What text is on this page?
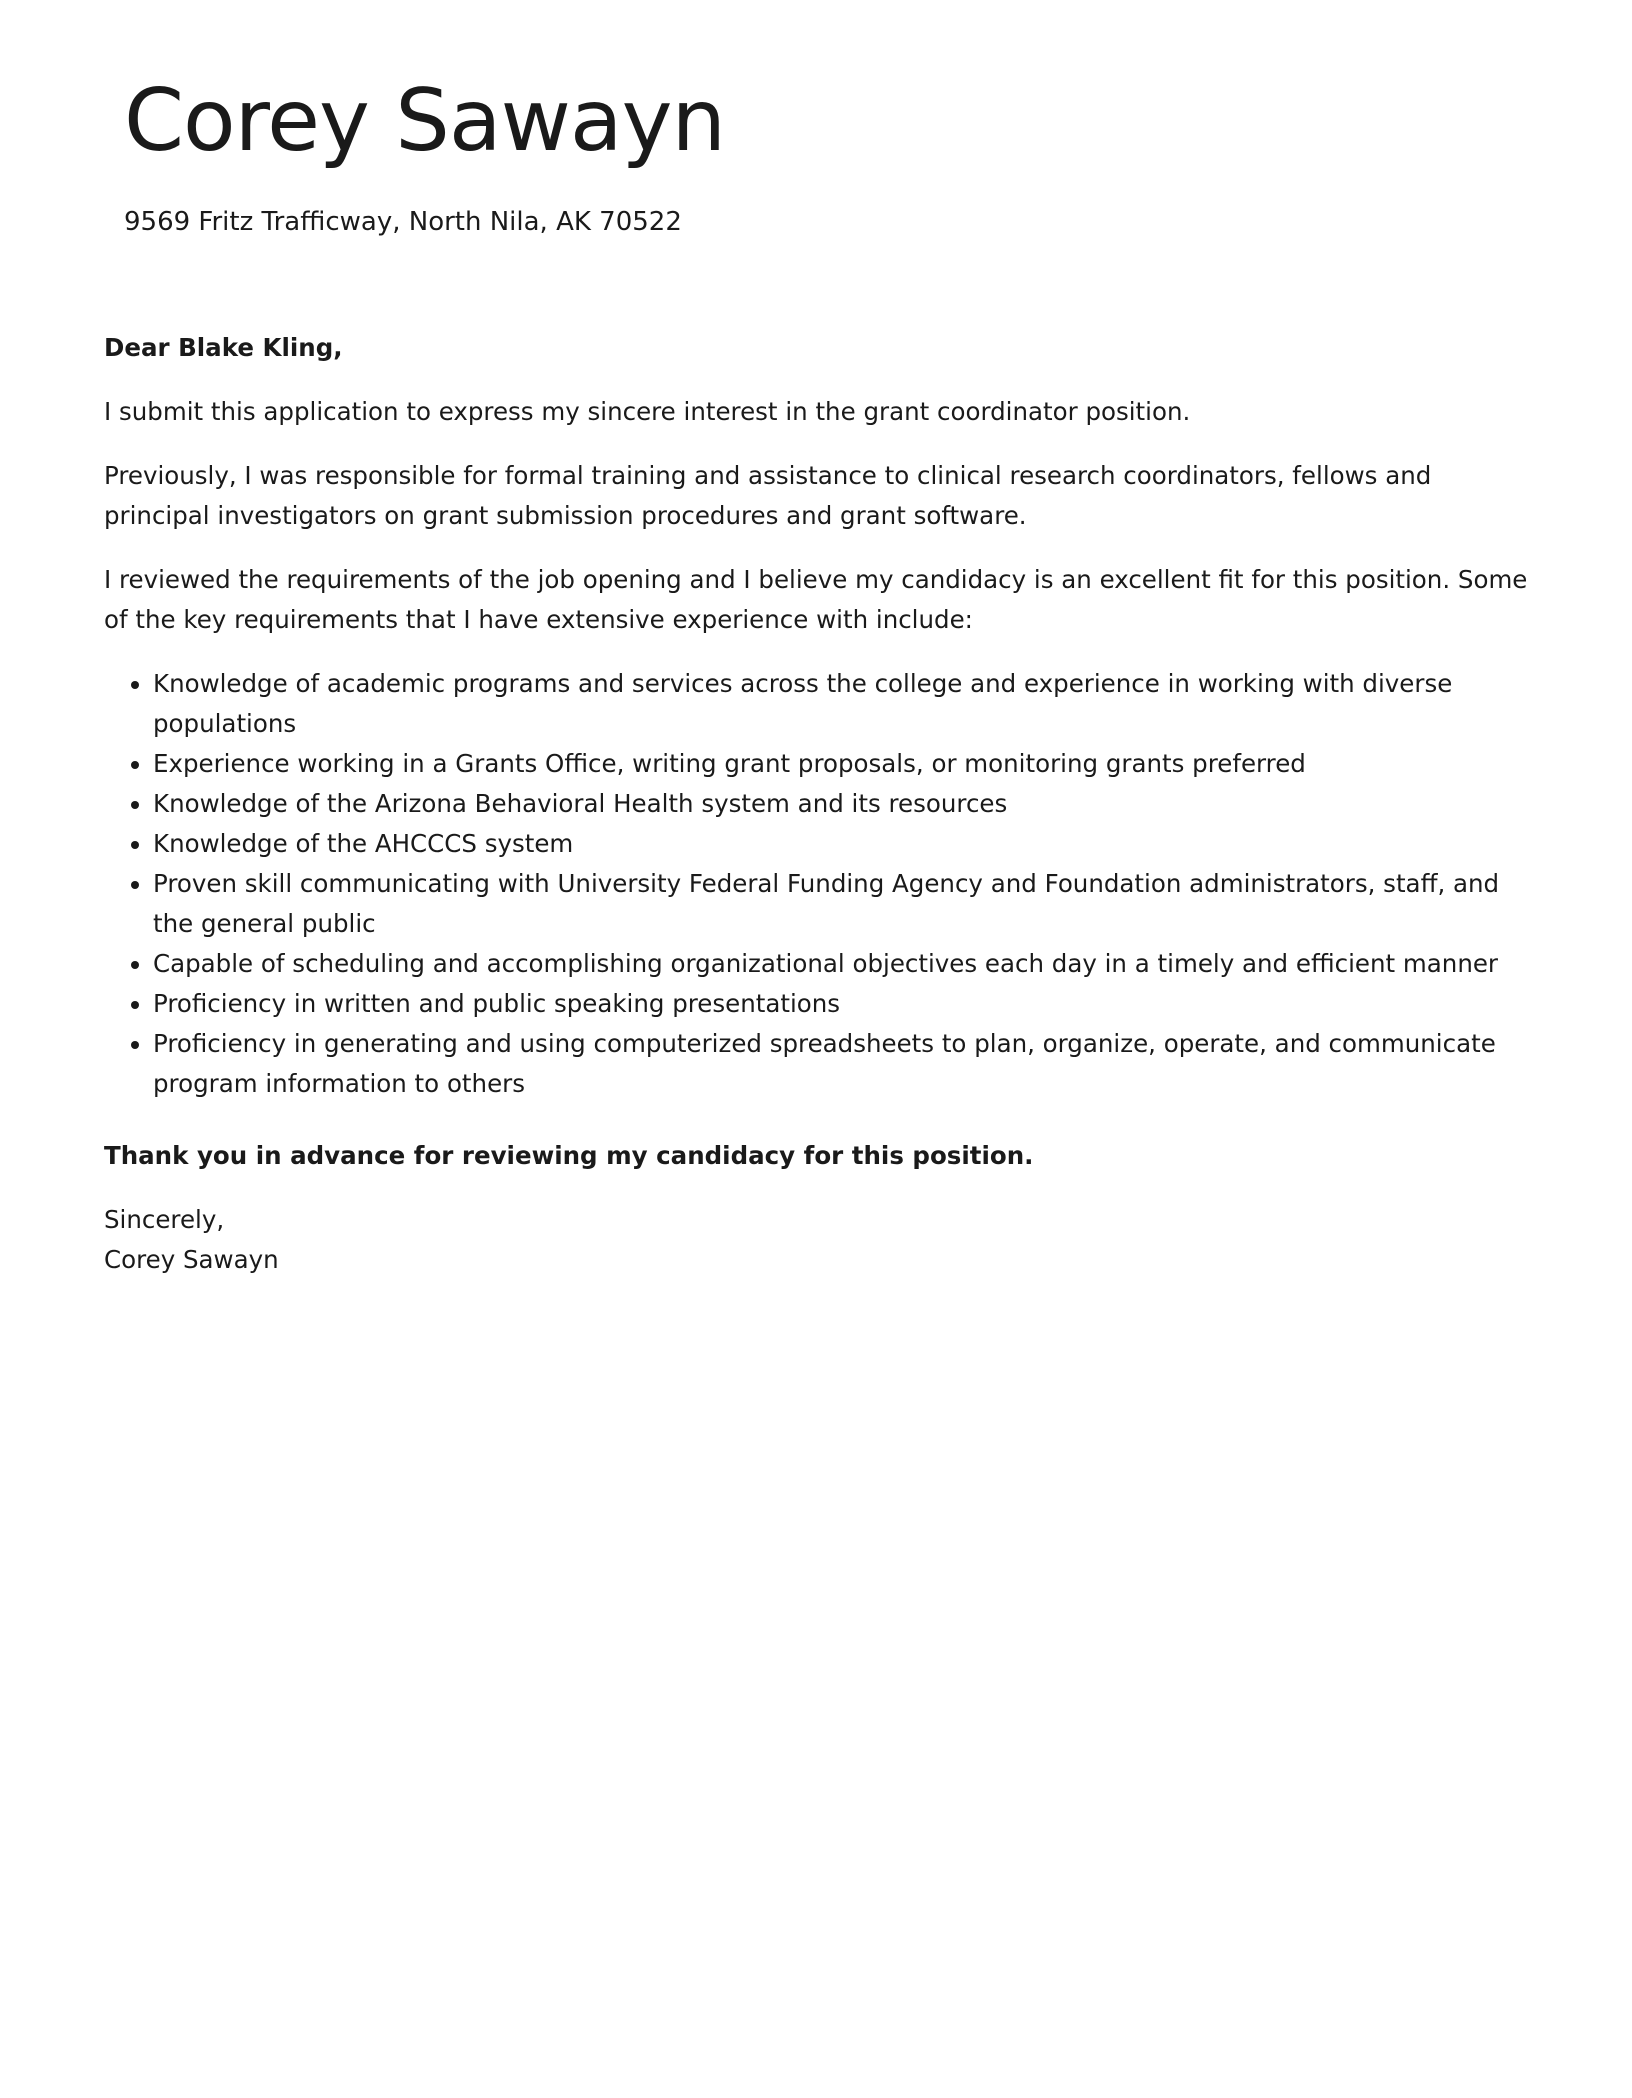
Corey Sawayn
9569 Fritz Trafficway, North Nila, AK 70522

Dear Blake Kling,

I submit this application to express my sincere interest in the grant coordinator position.

Previously, I was responsible for formal training and assistance to clinical research coordinators, fellows and principal investigators on grant submission procedures and grant software.

I reviewed the requirements of the job opening and I believe my candidacy is an excellent fit for this position. Some of the key requirements that I have extensive experience with include:

• Knowledge of academic programs and services across the college and experience in working with diverse populations
• Experience working in a Grants Office, writing grant proposals, or monitoring grants preferred
• Knowledge of the Arizona Behavioral Health system and its resources
• Knowledge of the AHCCCS system
• Proven skill communicating with University Federal Funding Agency and Foundation administrators, staff, and the general public
• Capable of scheduling and accomplishing organizational objectives each day in a timely and efficient manner
• Proficiency in written and public speaking presentations
• Proficiency in generating and using computerized spreadsheets to plan, organize, operate, and communicate program information to others

Thank you in advance for reviewing my candidacy for this position.

Sincerely,
Corey Sawayn
